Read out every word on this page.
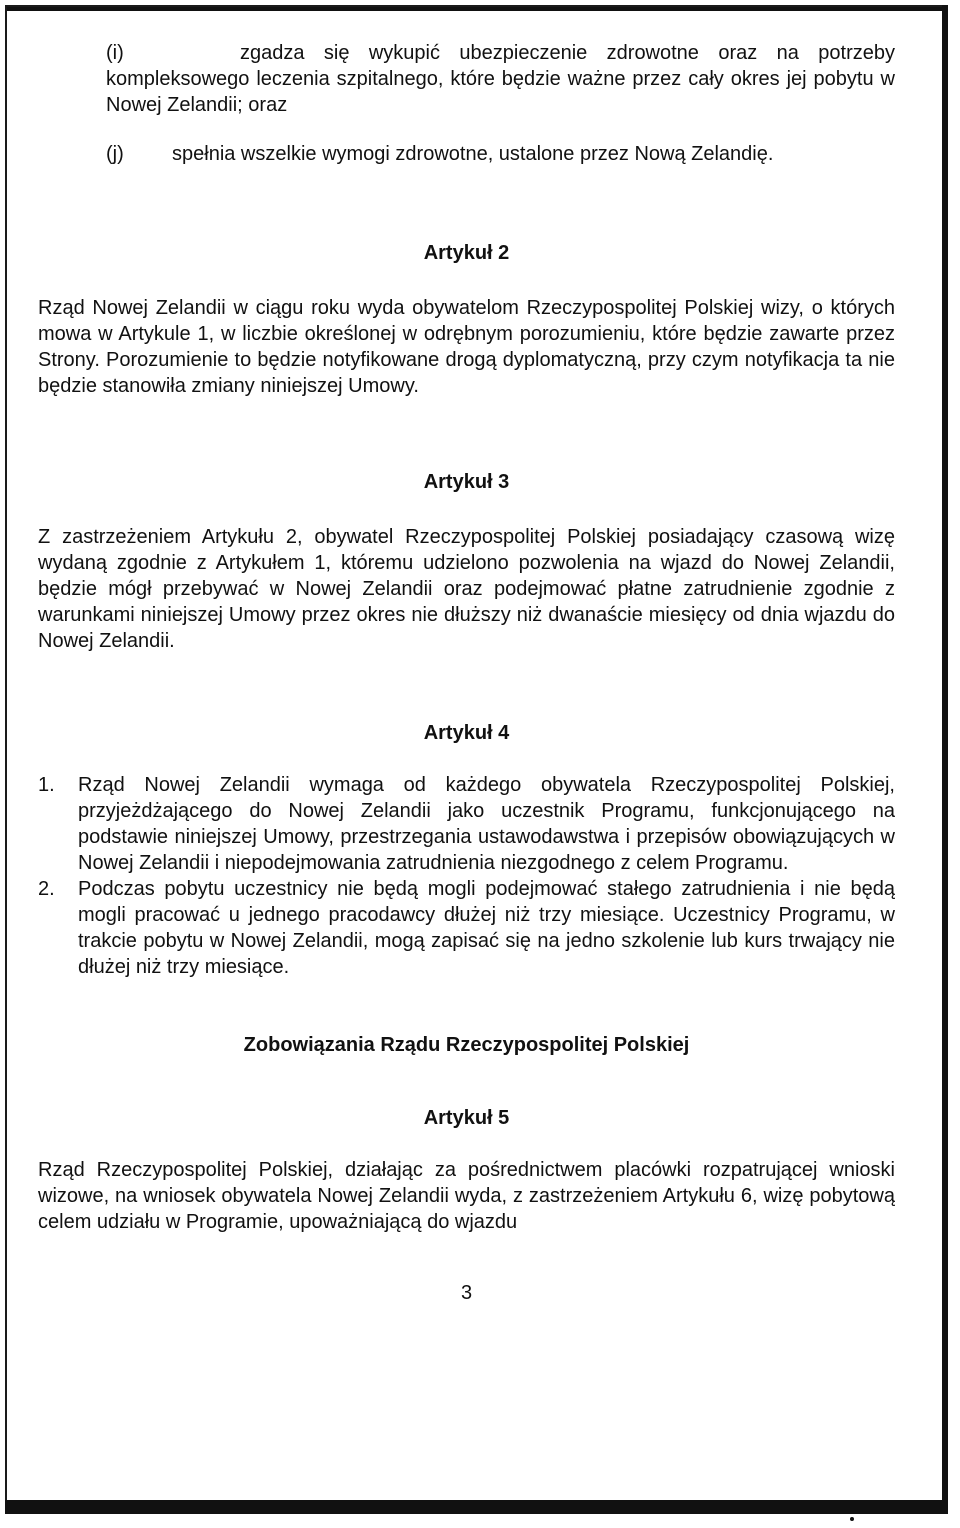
(i)	zgadza się wykupić ubezpieczenie zdrowotne oraz na potrzeby kompleksowego leczenia szpitalnego, które będzie ważne przez cały okres jej pobytu w Nowej Zelandii; oraz
(j) spełnia wszelkie wymogi zdrowotne, ustalone przez Nową Zelandię.
Artykuł 2

Rząd Nowej Zelandii w ciągu roku wyda obywatelom Rzeczypospolitej Polskiej wizy, o których mowa w Artykule 1, w liczbie określonej w odrębnym porozumieniu, które będzie zawarte przez Strony. Porozumienie to będzie notyfikowane drogą dyplomatyczną, przy czym notyfikacja ta nie będzie stanowiła zmiany niniejszej Umowy.

Artykuł 3

Z zastrzeżeniem Artykułu 2, obywatel Rzeczypospolitej Polskiej posiadający czasową wizę wydaną zgodnie z Artykułem 1, któremu udzielono pozwolenia na wjazd do Nowej Zelandii, będzie mógł przebywać w Nowej Zelandii oraz podejmować płatne zatrudnienie zgodnie z warunkami niniejszej Umowy przez okres nie dłuższy niż dwanaście miesięcy od dnia wjazdu do Nowej Zelandii.

Artykuł 4
1. Rząd Nowej Zelandii wymaga od każdego obywatela Rzeczypospolitej Polskiej, przyjeżdżającego do Nowej Zelandii jako uczestnik Programu, funkcjonującego na podstawie niniejszej Umowy, przestrzegania ustawodawstwa i przepisów obowiązujących w Nowej Zelandii i niepodejmowania zatrudnienia niezgodnego z celem Programu.
2. Podczas pobytu uczestnicy nie będą mogli podejmować stałego zatrudnienia i nie będą mogli pracować u jednego pracodawcy dłużej niż trzy miesiące. Uczestnicy Programu, w trakcie pobytu w Nowej Zelandii, mogą zapisać się na jedno szkolenie lub kurs trwający nie dłużej niż trzy miesiące.
Zobowiązania Rządu Rzeczypospolitej Polskiej
Artykuł 5

Rząd Rzeczypospolitej Polskiej, działając za pośrednictwem placówki rozpatrującej wnioski wizowe, na wniosek obywatela Nowej Zelandii wyda, z zastrzeżeniem Artykułu 6, wizę pobytową celem udziału w Programie, upoważniającą do wjazdu

3
